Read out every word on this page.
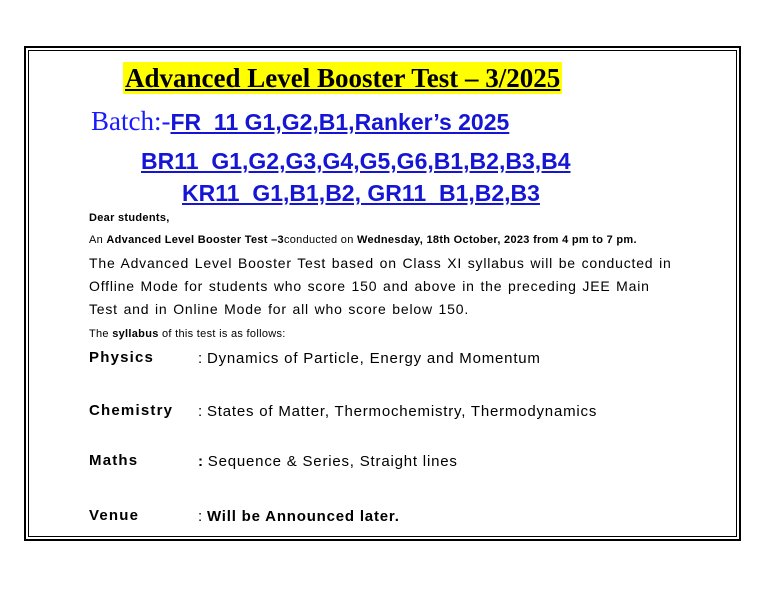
Advanced Level Booster Test – 3/2025
Batch:-FR_11 G1,G2,B1,Ranker’s 2025
BR11  G1,G2,G3,G4,G5,G6,B1,B2,B3,B4
KR11_G1,B1,B2, GR11_B1,B2,B3
Dear students,
An Advanced Level Booster Test –3conducted on Wednesday, 18th October, 2023 from 4 pm to 7 pm.
The Advanced Level Booster Test based on Class XI syllabus will be conducted in
Offline Mode for students who score 150 and above in the preceding JEE Main
Test and in Online Mode for all who score below 150.
The syllabus of this test is as follows:
Physics	: Dynamics of Particle, Energy and Momentum
Chemistry : States of Matter, Thermochemistry, Thermodynamics
Maths	: Sequence & Series, Straight lines
Venue	: Will be Announced later.
